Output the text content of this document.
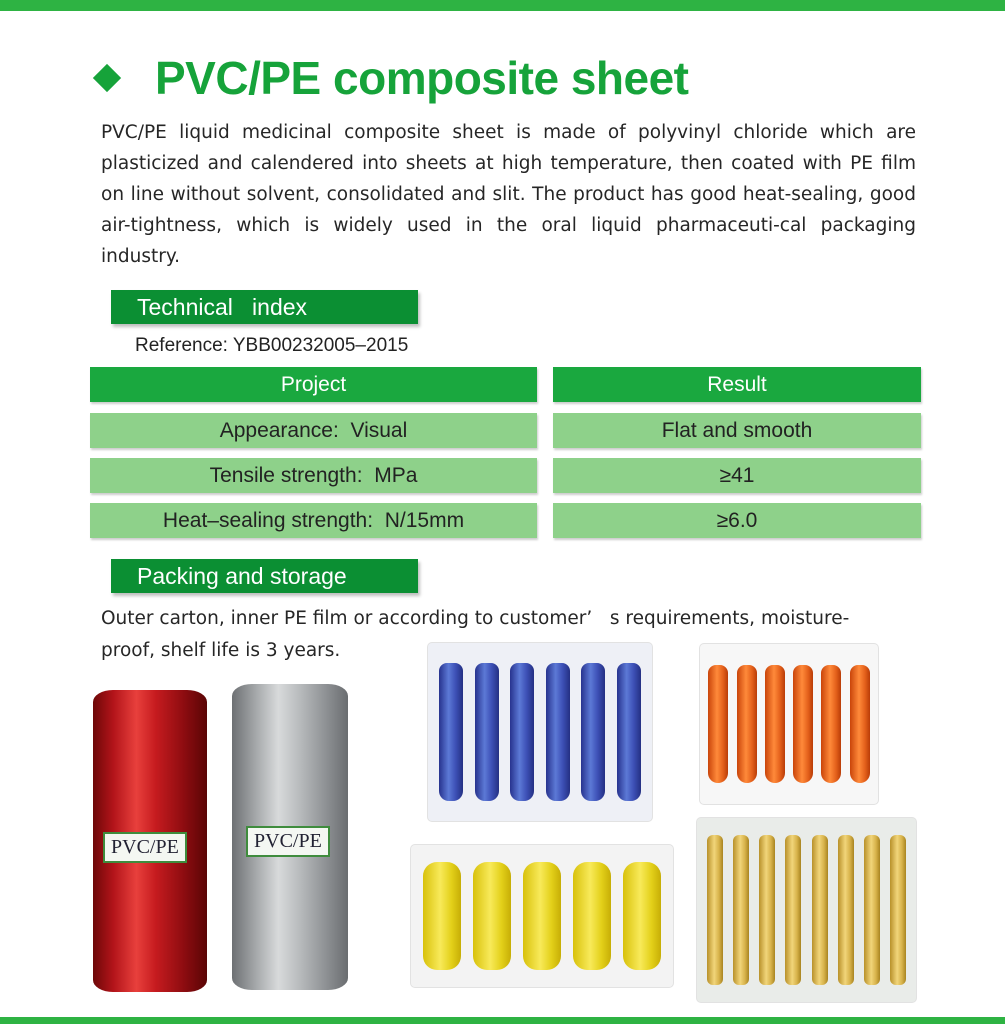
PVC/PE composite sheet
PVC/PE liquid medicinal composite sheet is made of polyvinyl chloride which are plasticized and calendered into sheets at high temperature, then coated with PE film on line without solvent, consolidated and slit. The product has good heat-sealing, good air-tightness, which is widely used in the oral liquid pharmaceuti-cal packaging industry.
Technical   index
Reference: YBB00232005–2015
Project	Result
Appearance:  Visual	Flat and smooth
Tensile strength:  MPa	≥41
Heat–sealing strength:  N/15mm	≥6.0
Packing and storage
Outer carton, inner PE film or according to customer’   s requirements, moisture-
proof, shelf life is 3 years.
PVC/PE	PVC/PE
